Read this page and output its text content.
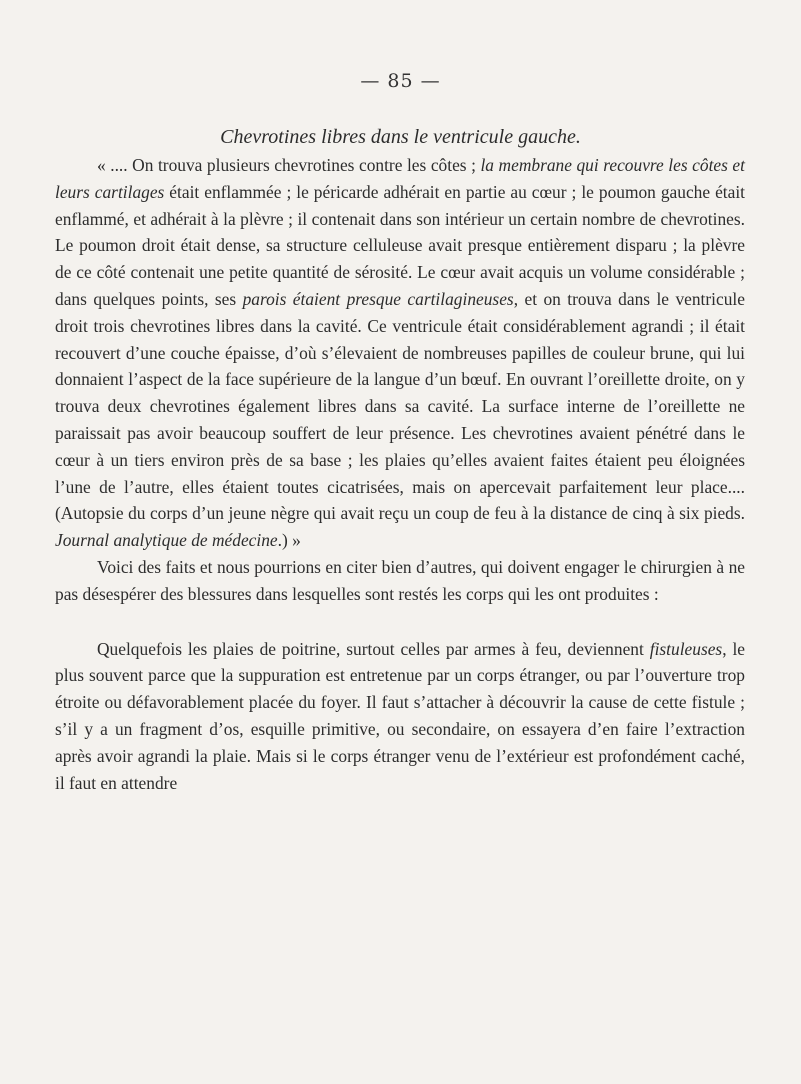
— 85 —
Chevrotines libres dans le ventricule gauche.

« .... On trouva plusieurs chevrotines contre les côtes ; la membrane qui recouvre les côtes et leurs cartilages était enflammée ; le péricarde adhérait en partie au cœur ; le poumon gauche était enflammé, et adhérait à la plèvre ; il contenait dans son intérieur un certain nombre de chevrotines. Le poumon droit était dense, sa structure celluleuse avait presque entièrement disparu ; la plèvre de ce côté contenait une petite quantité de sérosité. Le cœur avait acquis un volume considérable ; dans quelques points, ses parois étaient presque cartilagineuses, et on trouva dans le ventricule droit trois chevrotines libres dans la cavité. Ce ventricule était considérablement agrandi ; il était recouvert d’une couche épaisse, d’où s’élevaient de nombreuses papilles de couleur brune, qui lui donnaient l’aspect de la face supérieure de la langue d’un bœuf. En ouvrant l’oreillette droite, on y trouva deux chevrotines également libres dans sa cavité. La surface interne de l’oreillette ne paraissait pas avoir beaucoup souffert de leur présence. Les chevrotines avaient pénétré dans le cœur à un tiers environ près de sa base ; les plaies qu’elles avaient faites étaient peu éloignées l’une de l’autre, elles étaient toutes cicatrisées, mais on apercevait parfaitement leur place.... (Autopsie du corps d’un jeune nègre qui avait reçu un coup de feu à la distance de cinq à six pieds. Journal analytique de médecine.) »

Voici des faits et nous pourrions en citer bien d’autres, qui doivent engager le chirurgien à ne pas désespérer des blessures dans lesquelles sont restés les corps qui les ont produites :

Quelquefois les plaies de poitrine, surtout celles par armes à feu, deviennent fistuleuses, le plus souvent parce que la suppuration est entretenue par un corps étranger, ou par l’ouverture trop étroite ou défavorablement placée du foyer. Il faut s’attacher à découvrir la cause de cette fistule ; s’il y a un fragment d’os, esquille primitive, ou secondaire, on essayera d’en faire l’extraction après avoir agrandi la plaie. Mais si le corps étranger venu de l’extérieur est profondément caché, il faut en attendre
